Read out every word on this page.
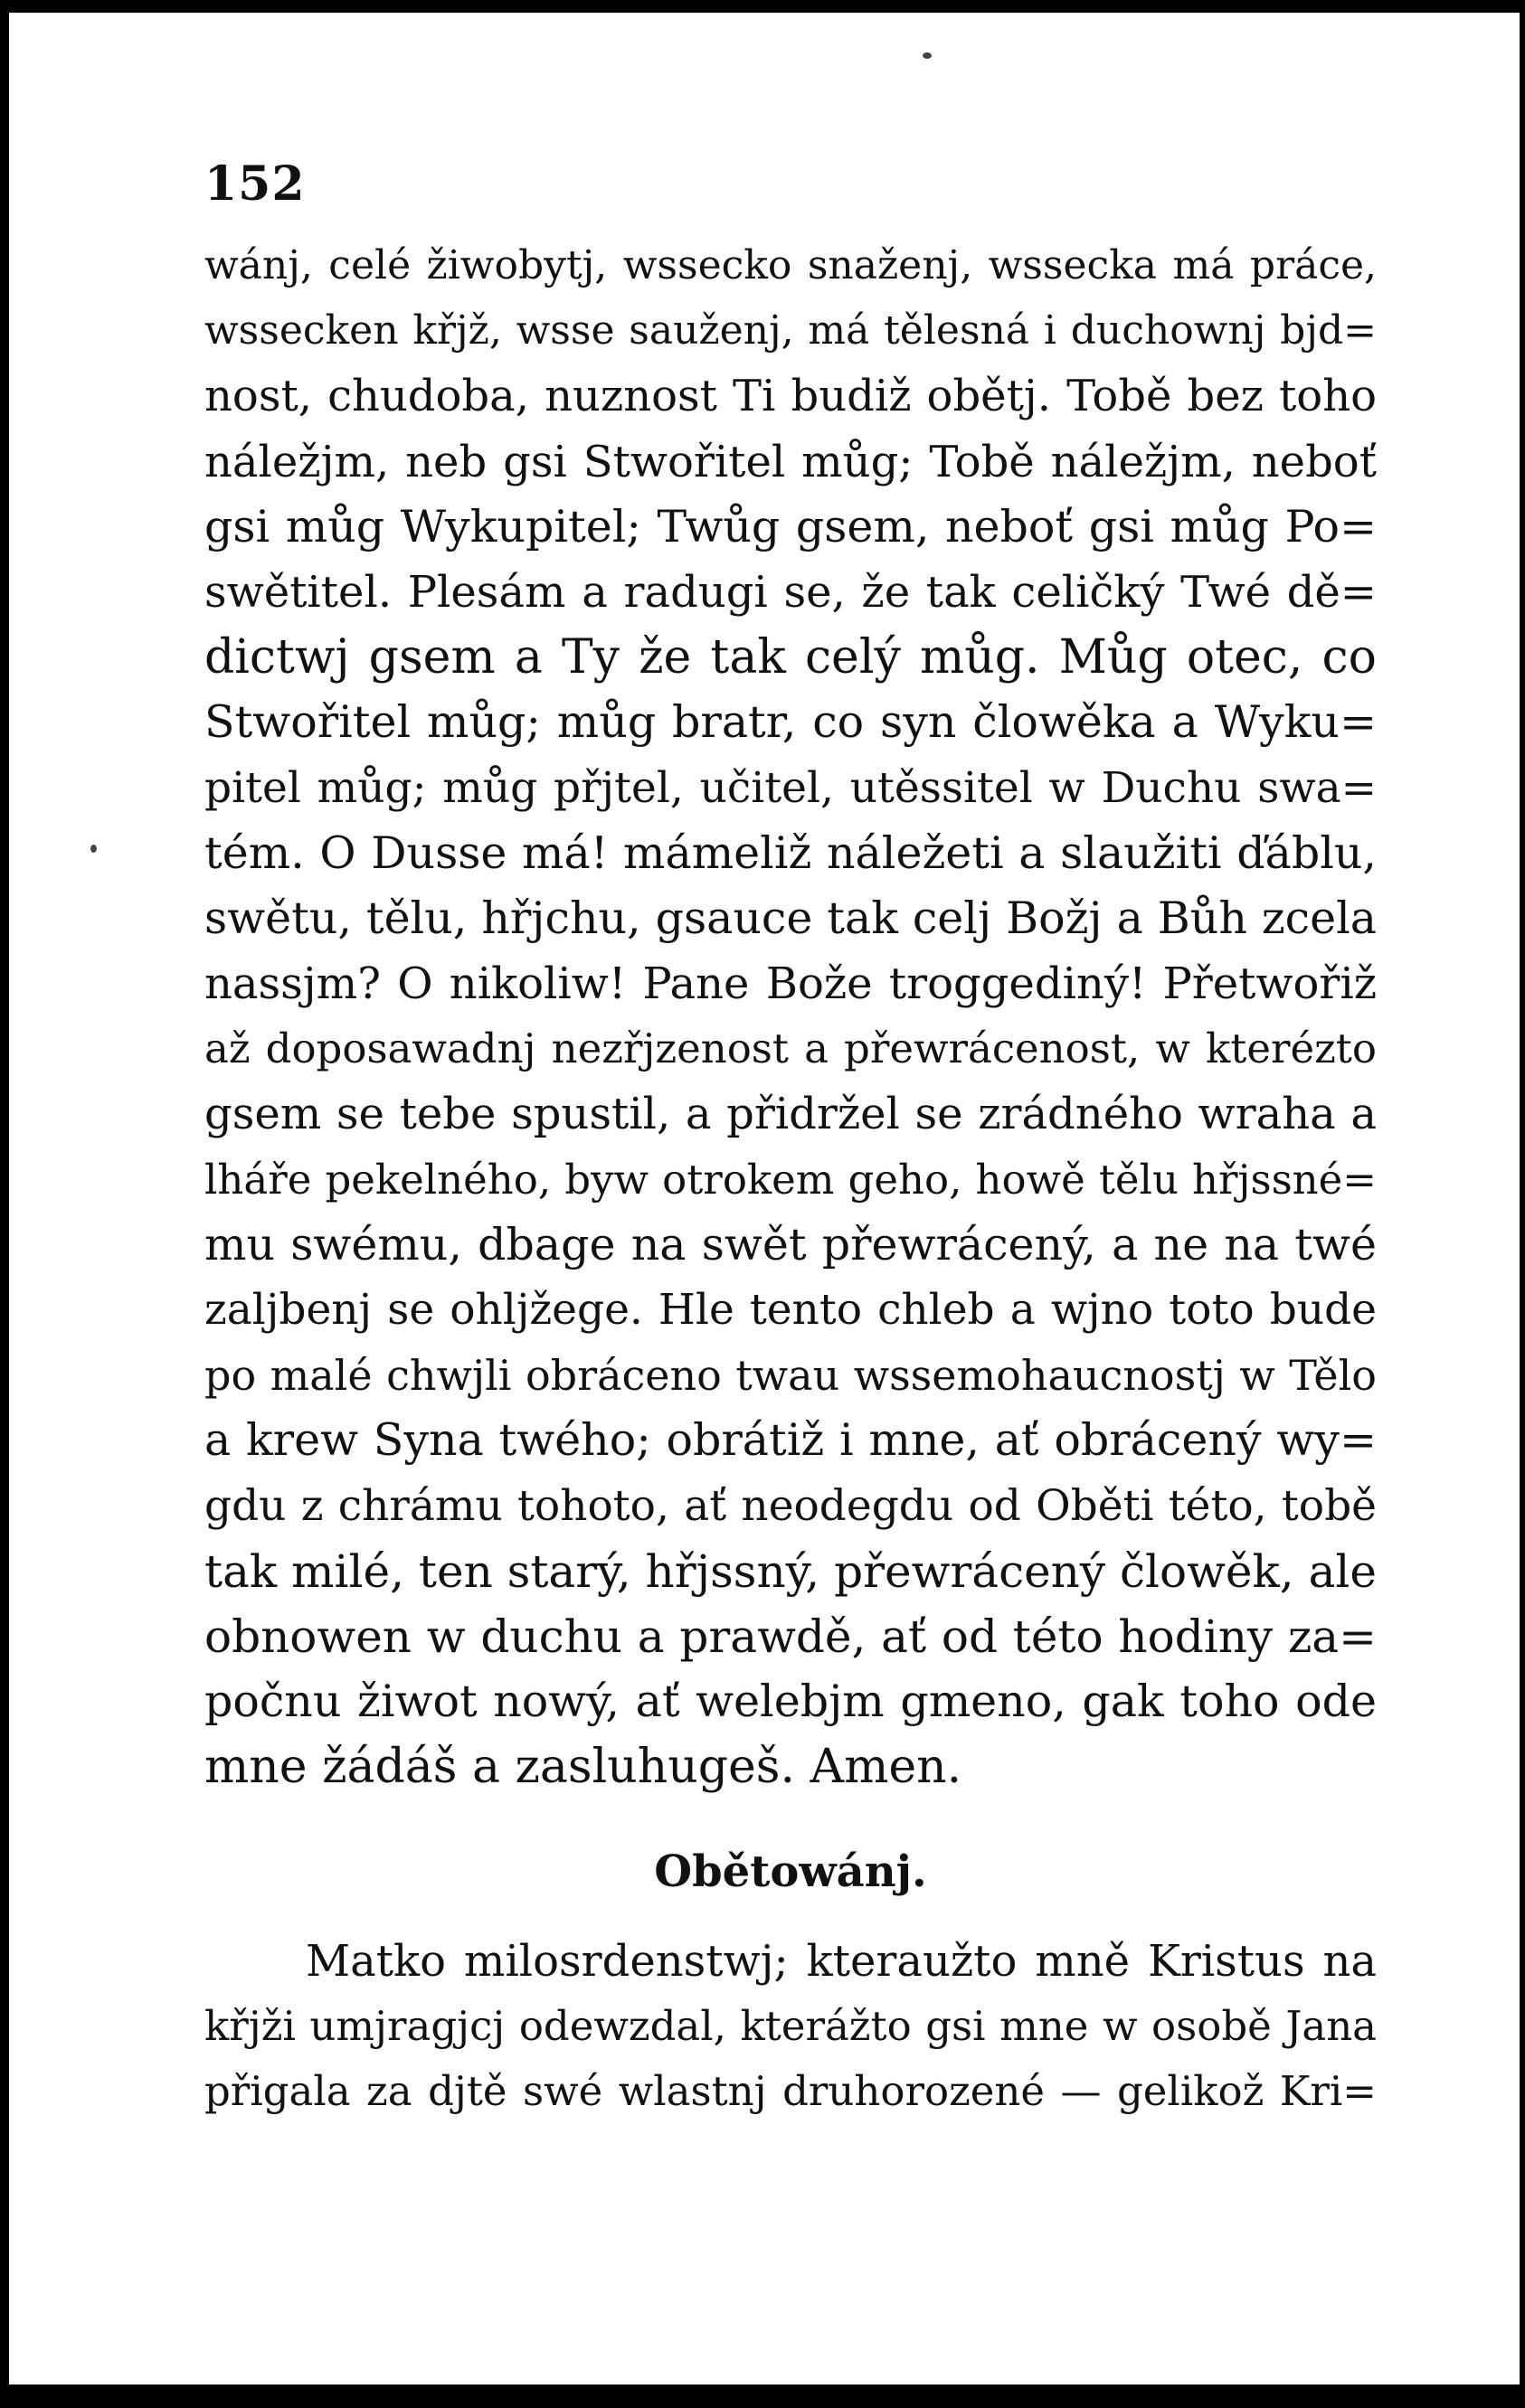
152
wánj, celé žiwobytj, wssecko snaženj, wssecka má práce,
wssecken křjž, wsse sauženj, má tělesná i duchownj bjd=
nost, chudoba, nuznost Ti budiž obětj. Tobě bez toho
náležjm, neb gsi Stwořitel můg; Tobě náležjm, neboť
gsi můg Wykupitel; Twůg gsem, neboť gsi můg Po=
swětitel. Plesám a radugi se, že tak celičký Twé dě=
dictwj gsem a Ty že tak celý můg. Můg otec, co
Stwořitel můg; můg bratr, co syn člowěka a Wyku=
pitel můg; můg přjtel, učitel, utěssitel w Duchu swa=
tém. O Dusse má! mámeliž náležeti a slaužiti ďáblu,
swětu, tělu, hřjchu, gsauce tak celj Božj a Bůh zcela
nassjm? O nikoliw! Pane Bože troggediný! Přetwořiž
až doposawadnj nezřjzenost a přewrácenost, w kterézto
gsem se tebe spustil, a přidržel se zrádného wraha a
lháře pekelného, byw otrokem geho, howě tělu hřjssné=
mu swému, dbage na swět přewrácený, a ne na twé
zaljbenj se ohljžege. Hle tento chleb a wjno toto bude
po malé chwjli obráceno twau wssemohaucnostj w Tělo
a krew Syna twého; obrátiž i mne, ať obrácený wy=
gdu z chrámu tohoto, ať neodegdu od Oběti této, tobě
tak milé, ten starý, hřjssný, přewrácený člowěk, ale
obnowen w duchu a prawdě, ať od této hodiny za=
počnu žiwot nowý, ať welebjm gmeno, gak toho ode
mne žádáš a zasluhugeš. Amen.
Obětowánj.
Matko milosrdenstwj; kteraužto mně Kristus na
křjži umjragjcj odewzdal, kterážto gsi mne w osobě Jana
přigala za djtě swé wlastnj druhorozené — gelikož Kri=
